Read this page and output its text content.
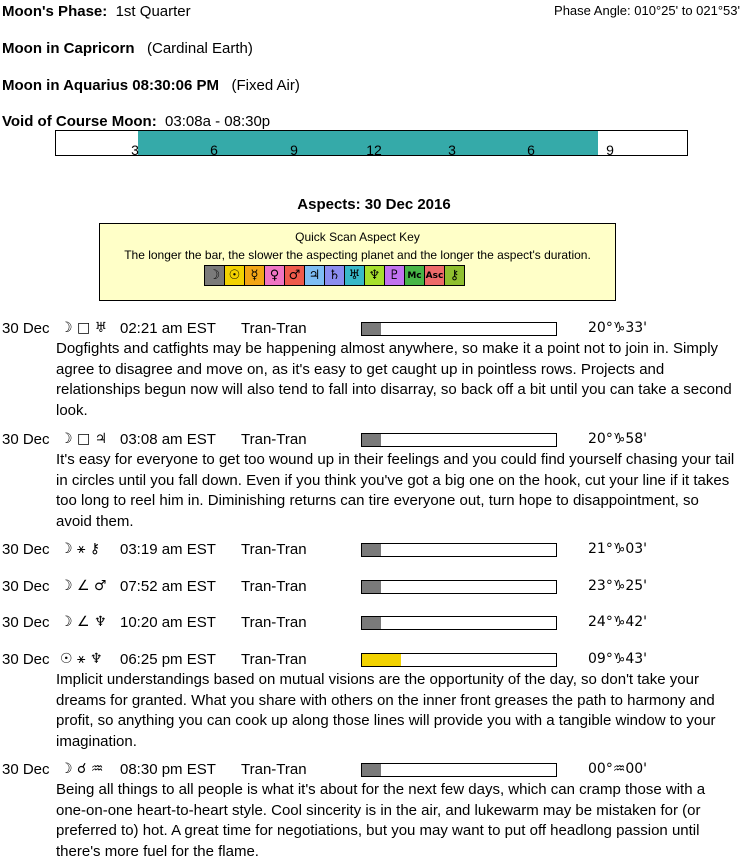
Moon's Phase: 1st Quarter	Phase Angle: 010°25' to 021°53'
Moon in Capricorn (Cardinal Earth)
Moon in Aquarius 08:30:06 PM (Fixed Air)
Void of Course Moon: 03:08a - 08:30p
3	6	9	12	3	6	9
Aspects: 30 Dec 2016
Quick Scan Aspect Key
The longer the bar, the slower the aspecting planet and the longer the aspect's duration.
☽ ☉ ☿ ♀ ♂ ♃ ♄ ♅ ♆ ♇ Mc Asc ⚷
30 Dec ☽ □ ♅ 02:21 am EST Tran-Tran	20°♑33'
Dogfights and catfights may be happening almost anywhere, so make it a point not to join in. Simply agree to disagree and move on, as it's easy to get caught up in pointless rows. Projects and relationships begun now will also tend to fall into disarray, so back off a bit until you can take a second look.
30 Dec ☽ □ ♃ 03:08 am EST Tran-Tran	20°♑58'
It's easy for everyone to get too wound up in their feelings and you could find yourself chasing your tail in circles until you fall down. Even if you think you've got a big one on the hook, cut your line if it takes too long to reel him in. Diminishing returns can tire everyone out, turn hope to disappointment, so avoid them.
30 Dec ☽ ⚹ ⚷ 03:19 am EST Tran-Tran	21°♑03'
30 Dec ☽ ∠ ♂ 07:52 am EST Tran-Tran	23°♑25'
30 Dec ☽ ∠ ♆ 10:20 am EST Tran-Tran	24°♑42'
30 Dec ☉ ⚹ ♆ 06:25 pm EST Tran-Tran	09°♑43'
Implicit understandings based on mutual visions are the opportunity of the day, so don't take your dreams for granted. What you share with others on the inner front greases the path to harmony and profit, so anything you can cook up along those lines will provide you with a tangible window to your imagination.
30 Dec ☽ ☌ ♒ 08:30 pm EST Tran-Tran	00°♒00'
Being all things to all people is what it's about for the next few days, which can cramp those with a one-on-one heart-to-heart style. Cool sincerity is in the air, and lukewarm may be mistaken for (or preferred to) hot. A great time for negotiations, but you may want to put off headlong passion until there's more fuel for the flame.
